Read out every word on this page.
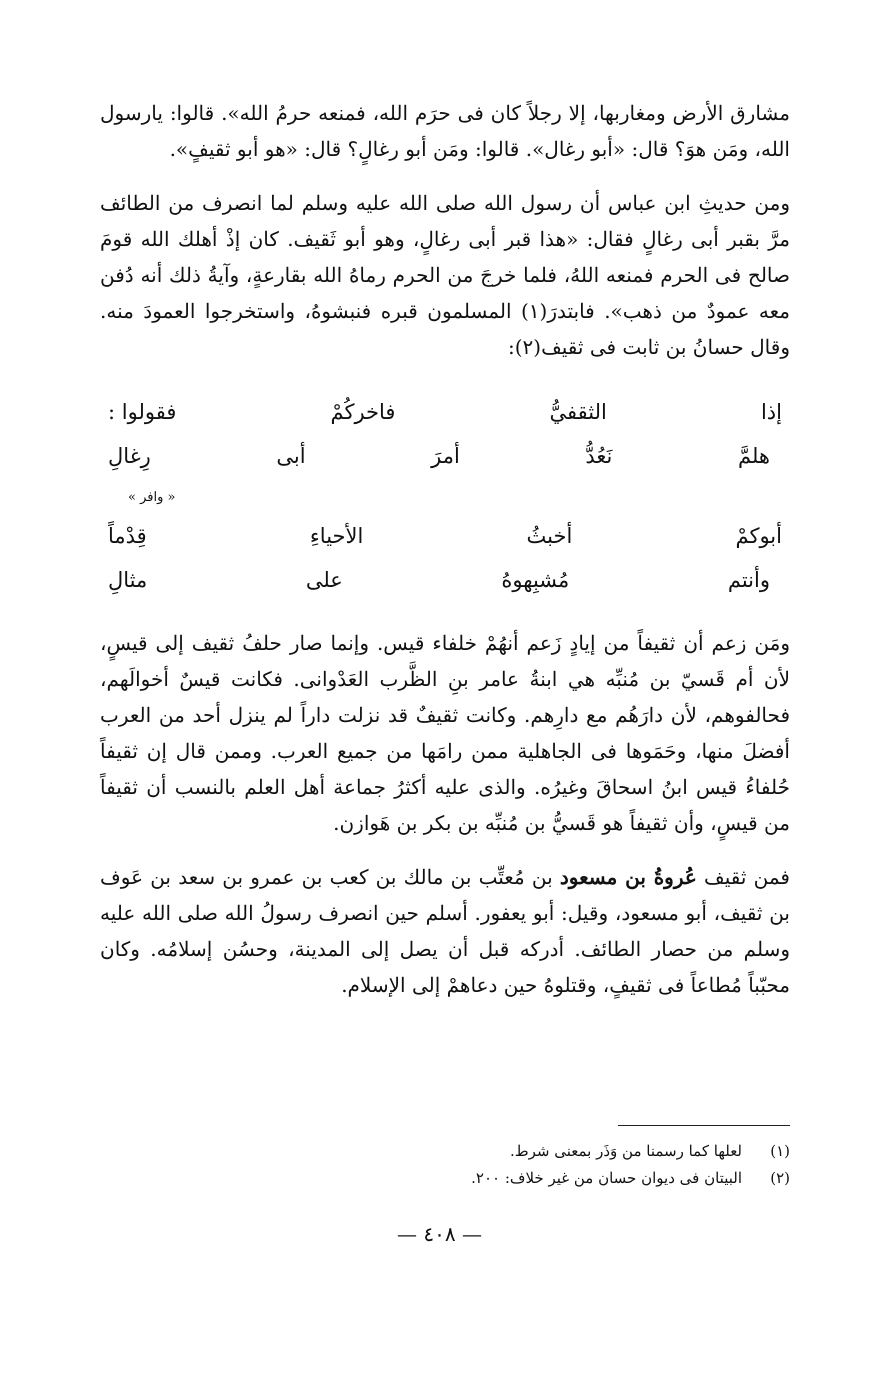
مشارق الأرض ومغاربها، إلا رجلاً كان فى حرَم الله، فمنعه حرمُ الله». قالوا: يارسول الله، ومَن هوَ؟ قال: «أبو رغال». قالوا: ومَن أبو رغالٍ؟ قال: «هو أبو ثقيفٍ».

ومن حديثِ ابن عباس أن رسول الله صلى الله عليه وسلم لما انصرف من الطائف مرَّ بقبر أبى رغالٍ فقال: «هذا قبر أبى رغالٍ، وهو أبو ثَقيف. كان إذْ أهلك الله قومَ صالح فى الحرم فمنعه اللهُ، فلما خرجَ من الحرم رماهُ الله بقارعةٍ، وآيةُ ذلك أنه دُفن معه عمودٌ من ذهب». فابتدرَ(١) المسلمون قبره فنبشوهُ، واستخرجوا العمودَ منه. وقال حسانُ بن ثابت فى ثقيف(٢):

إذا
الثقفيُّ
فاخركُمْ
فقولوا :
هلمَّ
نَعُدُّ
أمرَ
أبى
رِغالِ
« وافر »
أبوكمْ
أخبثُ
الأحياءِ
قِدْماً
وأنتم
مُشبِهوهُ
على
مثالِ

ومَن زعم أن ثقيفاً من إيادٍ زَعم أنهُمْ خلفاء قيس. وإنما صار حلفُ ثقيف إلى قيسٍ، لأن أم قَسيّ بن مُنبِّه هي ابنةُ عامر بنِ الظَّرب العَدْوانى. فكانت قيسٌ أخوالَهم، فحالفوهم، لأن دارَهُم مع دارِهم. وكانت ثقيفٌ قد نزلت داراً لم ينزل أحد من العرب أفضلَ منها، وحَمَوها فى الجاهلية ممن رامَها من جميع العرب. وممن قال إن ثقيفاً حُلفاءُ قيس ابنُ اسحاقَ وغيرُه. والذى عليه أكثرُ جماعة أهل العلم بالنسب أن ثقيفاً من قيسٍ، وأن ثقيفاً هو قَسيُّ بن مُنبِّه بن بكر بن هَوازن.

فمن ثقيف عُروةُ بن مسعود بن مُعتِّب بن مالك بن كعب بن عمرو بن سعد بن عَوف بن ثقيف، أبو مسعود، وقيل: أبو يعفور. أسلم حين انصرف رسولُ الله صلى الله عليه وسلم من حصار الطائف. أدركه قبل أن يصل إلى المدينة، وحسُن إسلامُه. وكان محبّباً مُطاعاً فى ثقيفٍ، وقتلوهُ حين دعاهمْ إلى الإسلام.

(١)
لعلها كما رسمنا من وَذَر بمعنى شرط.
(٢)
البيتان فى ديوان حسان من غير خلاف: ٢٠٠.
— ٤٠٨ —
